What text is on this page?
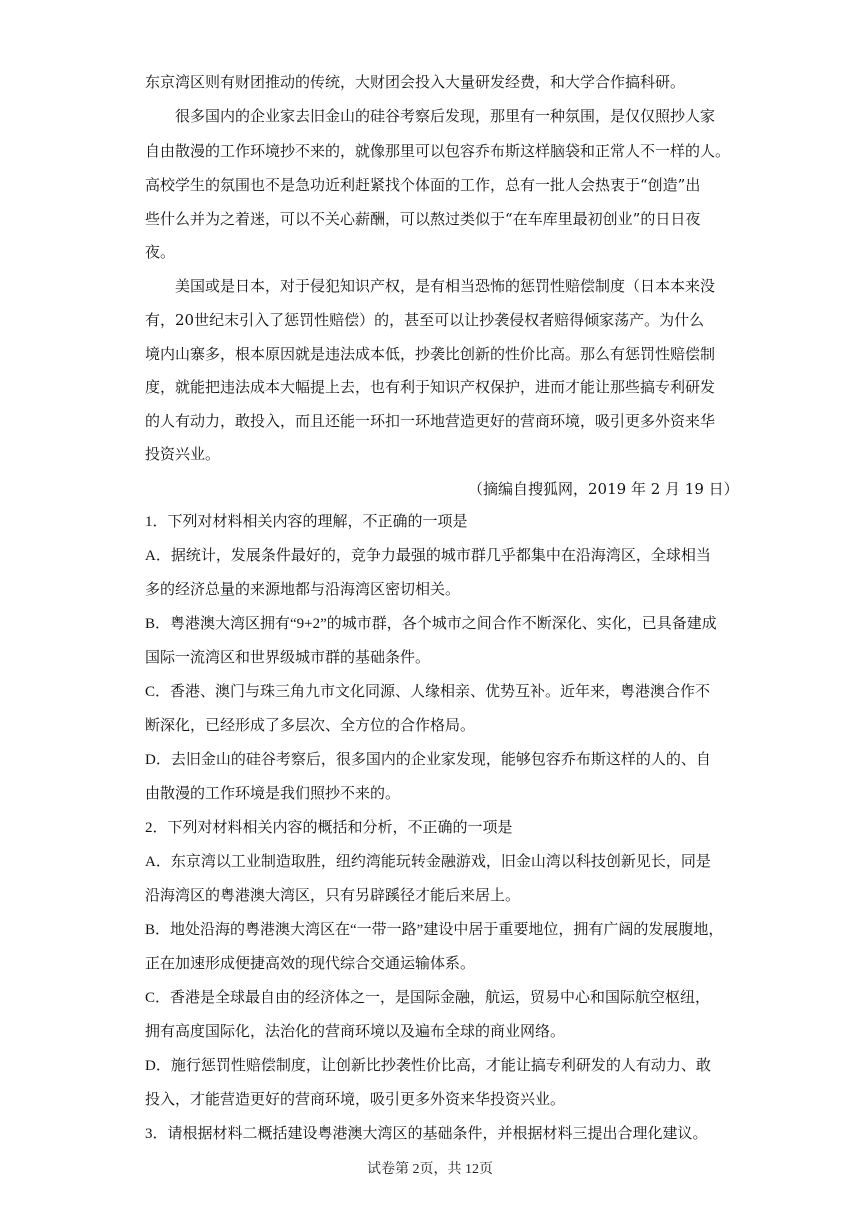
东京湾区则有财团推动的传统，大财团会投入大量研发经费，和大学合作搞科研。
很多国内的企业家去旧金山的硅谷考察后发现，那里有一种氛围，是仅仅照抄人家
自由散漫的工作环境抄不来的，就像那里可以包容乔布斯这样脑袋和正常人不一样的人。
高校学生的氛围也不是急功近利赶紧找个体面的工作，总有一批人会热衷于“创造”出
些什么并为之着迷，可以不关心薪酬，可以熬过类似于“在车库里最初创业”的日日夜
夜。
美国或是日本，对于侵犯知识产权，是有相当恐怖的惩罚性赔偿制度（日本本来没
有，20世纪末引入了惩罚性赔偿）的，甚至可以让抄袭侵权者赔得倾家荡产。为什么
境内山寨多，根本原因就是违法成本低，抄袭比创新的性价比高。那么有惩罚性赔偿制
度，就能把违法成本大幅提上去，也有利于知识产权保护，进而才能让那些搞专利研发
的人有动力，敢投入，而且还能一环扣一环地营造更好的营商环境，吸引更多外资来华
投资兴业。
（摘编自搜狐网，2019 年 2 月 19 日）
1．下列对材料相关内容的理解，不正确的一项是
A．据统计，发展条件最好的，竞争力最强的城市群几乎都集中在沿海湾区，全球相当
多的经济总量的来源地都与沿海湾区密切相关。
B．粤港澳大湾区拥有“9+2”的城市群，各个城市之间合作不断深化、实化，已具备建成
国际一流湾区和世界级城市群的基础条件。
C．香港、澳门与珠三角九市文化同源、人缘相亲、优势互补。近年来，粤港澳合作不
断深化，已经形成了多层次、全方位的合作格局。
D．去旧金山的硅谷考察后，很多国内的企业家发现，能够包容乔布斯这样的人的、自
由散漫的工作环境是我们照抄不来的。
2．下列对材料相关内容的概括和分析，不正确的一项是
A．东京湾以工业制造取胜，纽约湾能玩转金融游戏，旧金山湾以科技创新见长，同是
沿海湾区的粤港澳大湾区，只有另辟蹊径才能后来居上。
B．地处沿海的粤港澳大湾区在“一带一路”建设中居于重要地位，拥有广阔的发展腹地，
正在加速形成便捷高效的现代综合交通运输体系。
C．香港是全球最自由的经济体之一，是国际金融，航运，贸易中心和国际航空枢纽，
拥有高度国际化，法治化的营商环境以及遍布全球的商业网络。
D．施行惩罚性赔偿制度，让创新比抄袭性价比高，才能让搞专利研发的人有动力、敢
投入，才能营造更好的营商环境，吸引更多外资来华投资兴业。
3．请根据材料二概括建设粤港澳大湾区的基础条件，并根据材料三提出合理化建议。
试卷第 2页，共 12页
